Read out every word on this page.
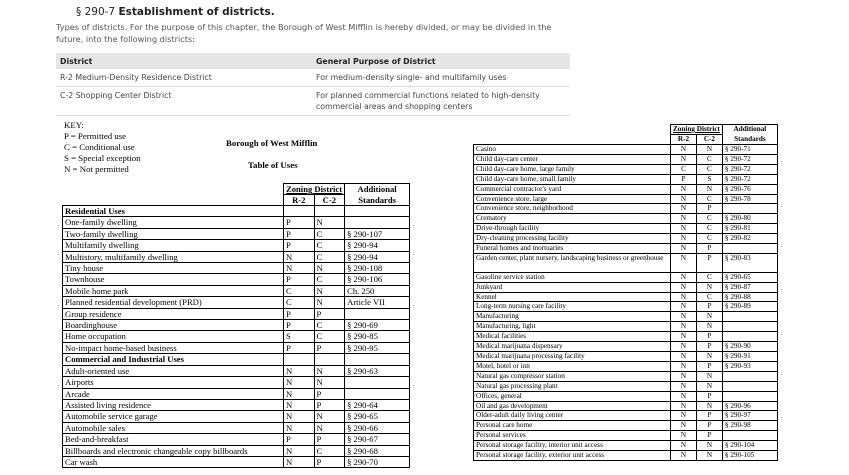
§ 290-7 Establishment of districts.
Types of districts. For the purpose of this chapter, the Borough of West Mifflin is hereby divided, or may be divided in the future, into the following districts:
District	General Purpose of District
R-2 Medium-Density Residence District	For medium-density single- and multifamily uses
C-2 Shopping Center District	For planned commercial functions related to high-density commercial areas and shopping centers
KEY:
P = Permitted use
C = Conditional use
S = Special exception
N = Not permitted
Borough of West Mifflin
Table of Uses
	Zoning District		Additional
	R-2	C-2	Standards
Residential Uses			
One-family dwelling	P	N	
Two-family dwelling	P	C	§ 290-107
Multifamily dwelling	P	C	§ 290-94
Multistory, multifamily dwelling	N	C	§ 290-94
Tiny house	N	N	§ 290-108
Townhouse	P	C	§ 290-106
Mobile home park	C	N	Ch. 250
Planned residential development (PRD)	C	N	Article VII
Group residence	P	P	
Boardinghouse	P	C	§ 290-69
Home occupation	S	C	§ 290-85
No-impact home-based business	P	P	§ 290-95
Commercial and Industrial Uses			
Adult-oriented use	N	N	§ 290-63
Airports	N	N	
Arcade	N	P	
Assisted living residence	N	P	§ 290-64
Automobile service garage	N	N	§ 290-65
Automobile sales	N	N	§ 290-66
Bed-and-breakfast	P	P	§ 290-67
Billboards and electronic changeable copy billboards	N	C	§ 290-68
Car wash	N	P	§ 290-70
	Zoning District		Additional
	R-2	C-2	Standards
Casino	N	N	§ 290-71
Child day-care center	N	C	§ 290-72
Child day-care home, large family	C	C	§ 290-72
Child day-care home, small family	P	S	§ 290-72
Commercial contractor's yard	N	N	§ 290-76
Convenience store, large	N	C	§ 290-78
Convenience store, neighborhood	N	P	
Crematory	N	C	§ 290-80
Drive-through facility	N	C	§ 290-81
Dry-cleaning processing facility	N	C	§ 290-82
Funeral homes and mortuaries	N	P	
Garden center, plant nursery, landscaping business or greenhouse	N	P	§ 290-83
Gasoline service station	N	C	§ 290-65
Junkyard	N	N	§ 290-87
Kennel	N	C	§ 290-88
Long-term nursing care facility	N	P	§ 290-89
Manufacturing	N	N	
Manufacturing, light	N	N	
Medical facilities	N	P	
Medical marijuana dispensary	N	P	§ 290-90
Medical marijuana processing facility	N	N	§ 290-91
Motel, hotel or inn	N	P	§ 290-93
Natural gas compressor station	N	N	
Natural gas processing plant	N	N	
Offices, general	N	P	
Oil and gas development	N	N	§ 290-96
Older-adult daily living center	N	P	§ 290-97
Personal care home	N	P	§ 290-98
Personal services	N	P	
Personal storage facility, interior unit access	N	N	§ 290-104
Personal storage facility, exterior unit access	N	N	§ 290-105
